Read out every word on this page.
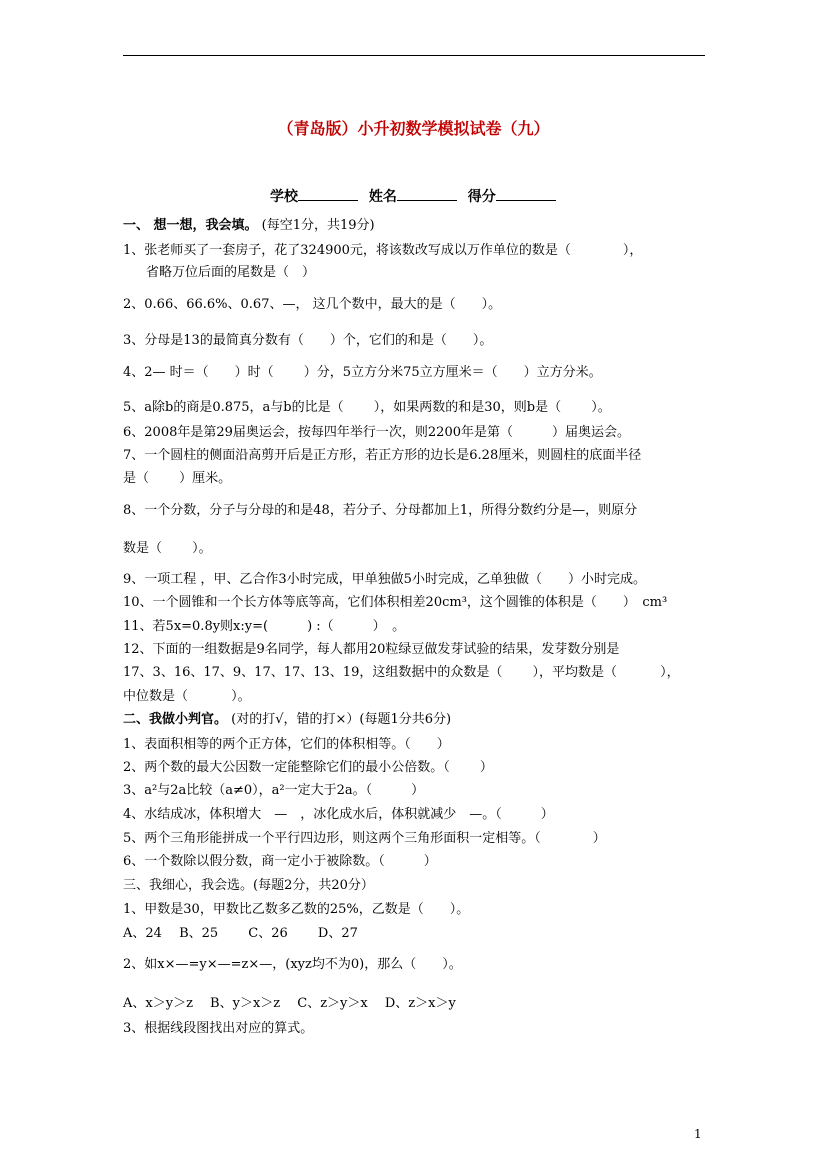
（青岛版）小升初数学模拟试卷（九）
学校	姓名	得分
一、 想一想，我会填。 (每空1分，共19分)
1、张老师买了一套房子，花了324900元，将该数改写成以万作单位的数是（　　　　），
省略万位后面的尾数是（　）
2、0.66、66.6%、0.67、—， 这几个数中，最大的是（　　）。
3、分母是13的最简真分数有（　　）个，它们的和是（　　）。
4、2— 时＝（　　）时（　　 ）分，5立方分米75立方厘米＝（　　）立方分米。
5、a除b的商是0.875，a与b的比是（　　 ），如果两数的和是30，则b是（　　 ）。
6、2008年是第29届奥运会，按每四年举行一次，则2200年是第（　　　）届奥运会。
7、一个圆柱的侧面沿高剪开后是正方形，若正方形的边长是6.28厘米，则圆柱的底面半径
是（　　 ）厘米。
8、一个分数，分子与分母的和是48，若分子、分母都加上1，所得分数约分是—，则原分
数是（　　 ）。
9、一项工程 ，甲、乙合作3小时完成，甲单独做5小时完成，乙单独做（　　）小时完成。
10、一个圆锥和一个长方体等底等高，它们体积相差20cm³，这个圆锥的体积是（　　）　cm³
11、若5x=0.8y则x:y=(　　　) :（　　　）　。
12、下面的一组数据是9名同学，每人都用20粒绿豆做发芽试验的结果，发芽数分别是
17、3、16、17、9、17、17、13、19，这组数据中的众数是（　　 ），平均数是（　　　 ），
中位数是（　　　 ）。
二、我做小判官。 (对的打√，错的打×）(每题1分共6分)
1、表面积相等的两个正方体，它们的体积相等。（　　）
2、两个数的最大公因数一定能整除它们的最小公倍数。（　　 ）
3、a²与2a比较（a≠0），a²一定大于2a。（　　　）
4、水结成冰，体积增大　—　，冰化成水后，体积就减少　—。（　　　）
5、两个三角形能拼成一个平行四边形，则这两个三角形面积一定相等。（　　　　）
6、一个数除以假分数，商一定小于被除数。（　　　）
三、我细心，我会选。(每题2分，共20分）
1、甲数是30，甲数比乙数多乙数的25%，乙数是（　　）。
A、24　 B、25　　 C、26　　 D、27
2、如x×—=y×—=z×—，(xyz均不为0)，那么（　　）。
A、x＞y＞z　 B、y＞x＞z　 C、z＞y＞x　 D、z＞x＞y
3、根据线段图找出对应的算式。
1
